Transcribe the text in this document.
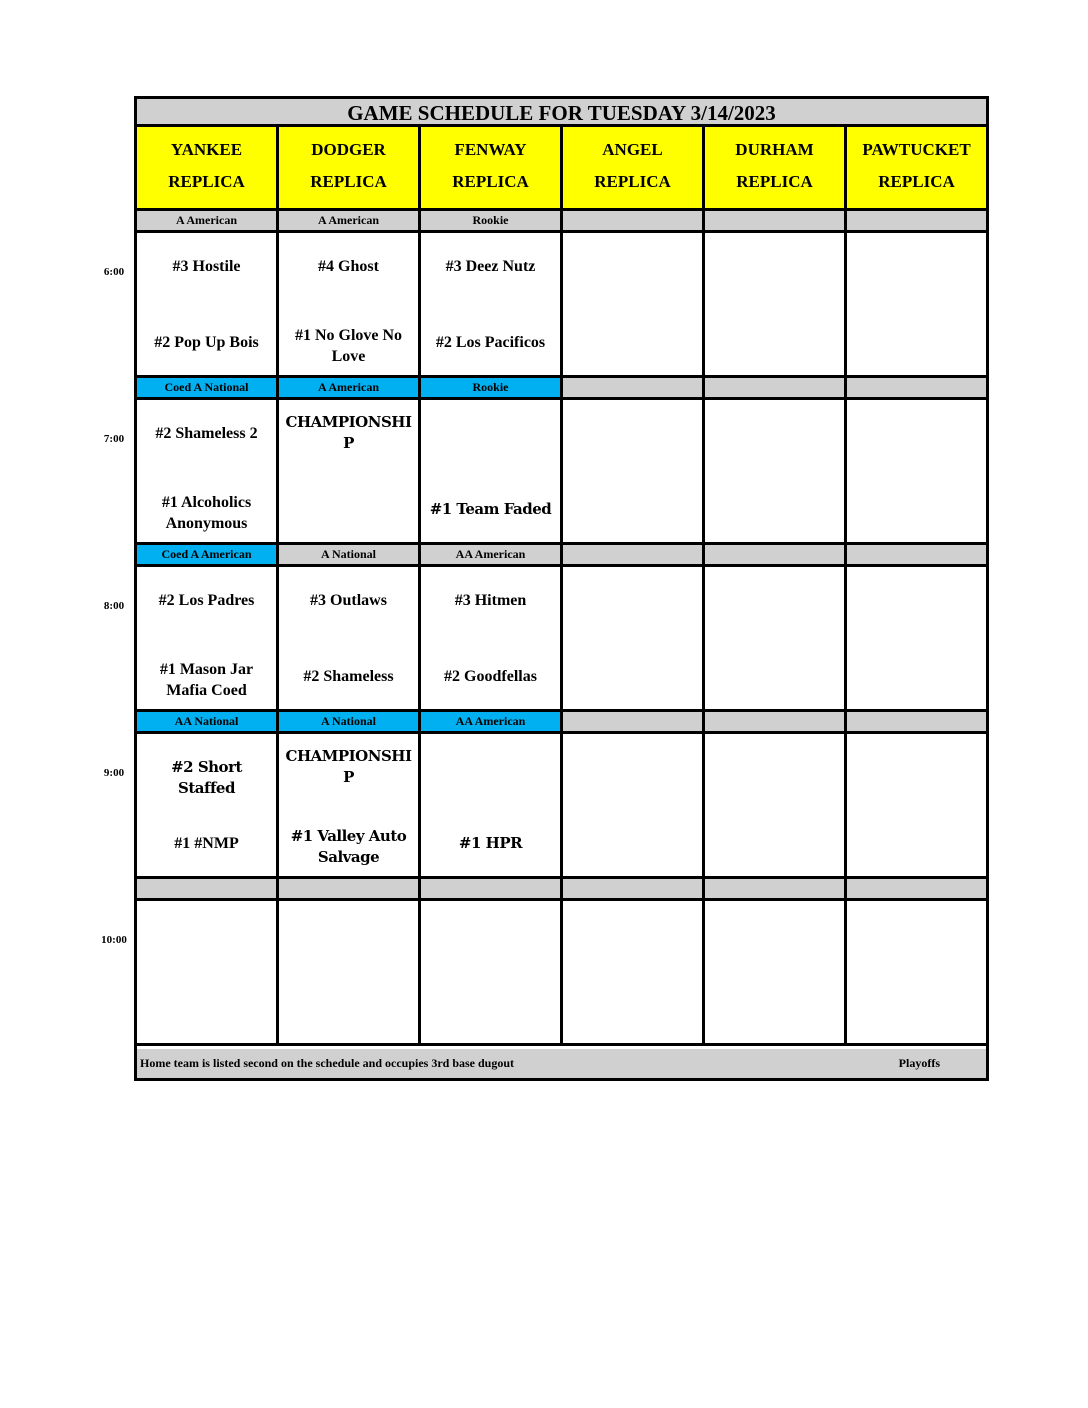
GAME SCHEDULE FOR TUESDAY 3/14/2023
YANKEE
REPLICA
DODGER
REPLICA
FENWAY
REPLICA
ANGEL
REPLICA
DURHAM
REPLICA
PAWTUCKET
REPLICA
A American
#3 Hostile
#2 Pop Up Bois
A American
#4 Ghost
#1 No Glove No Love
Rookie
#3 Deez Nutz
#2 Los Pacificos
Coed A National
#2 Shameless 2
#1 Alcoholics Anonymous
A American
CHAMPIONSHIP
Rookie
#1 Team Faded
Coed A American
#2 Los Padres
#1 Mason Jar Mafia Coed
A National
#3 Outlaws
#2 Shameless
AA American
#3 Hitmen
#2 Goodfellas
AA National
#2 Short Staffed
#1 #NMP
A National
CHAMPIONSHIP
#1 Valley Auto Salvage
AA American
#1 HPR
Home team is listed second on the schedule and occupies 3rd base dugout	Playoffs
6:00
7:00
8:00
9:00
10:00
